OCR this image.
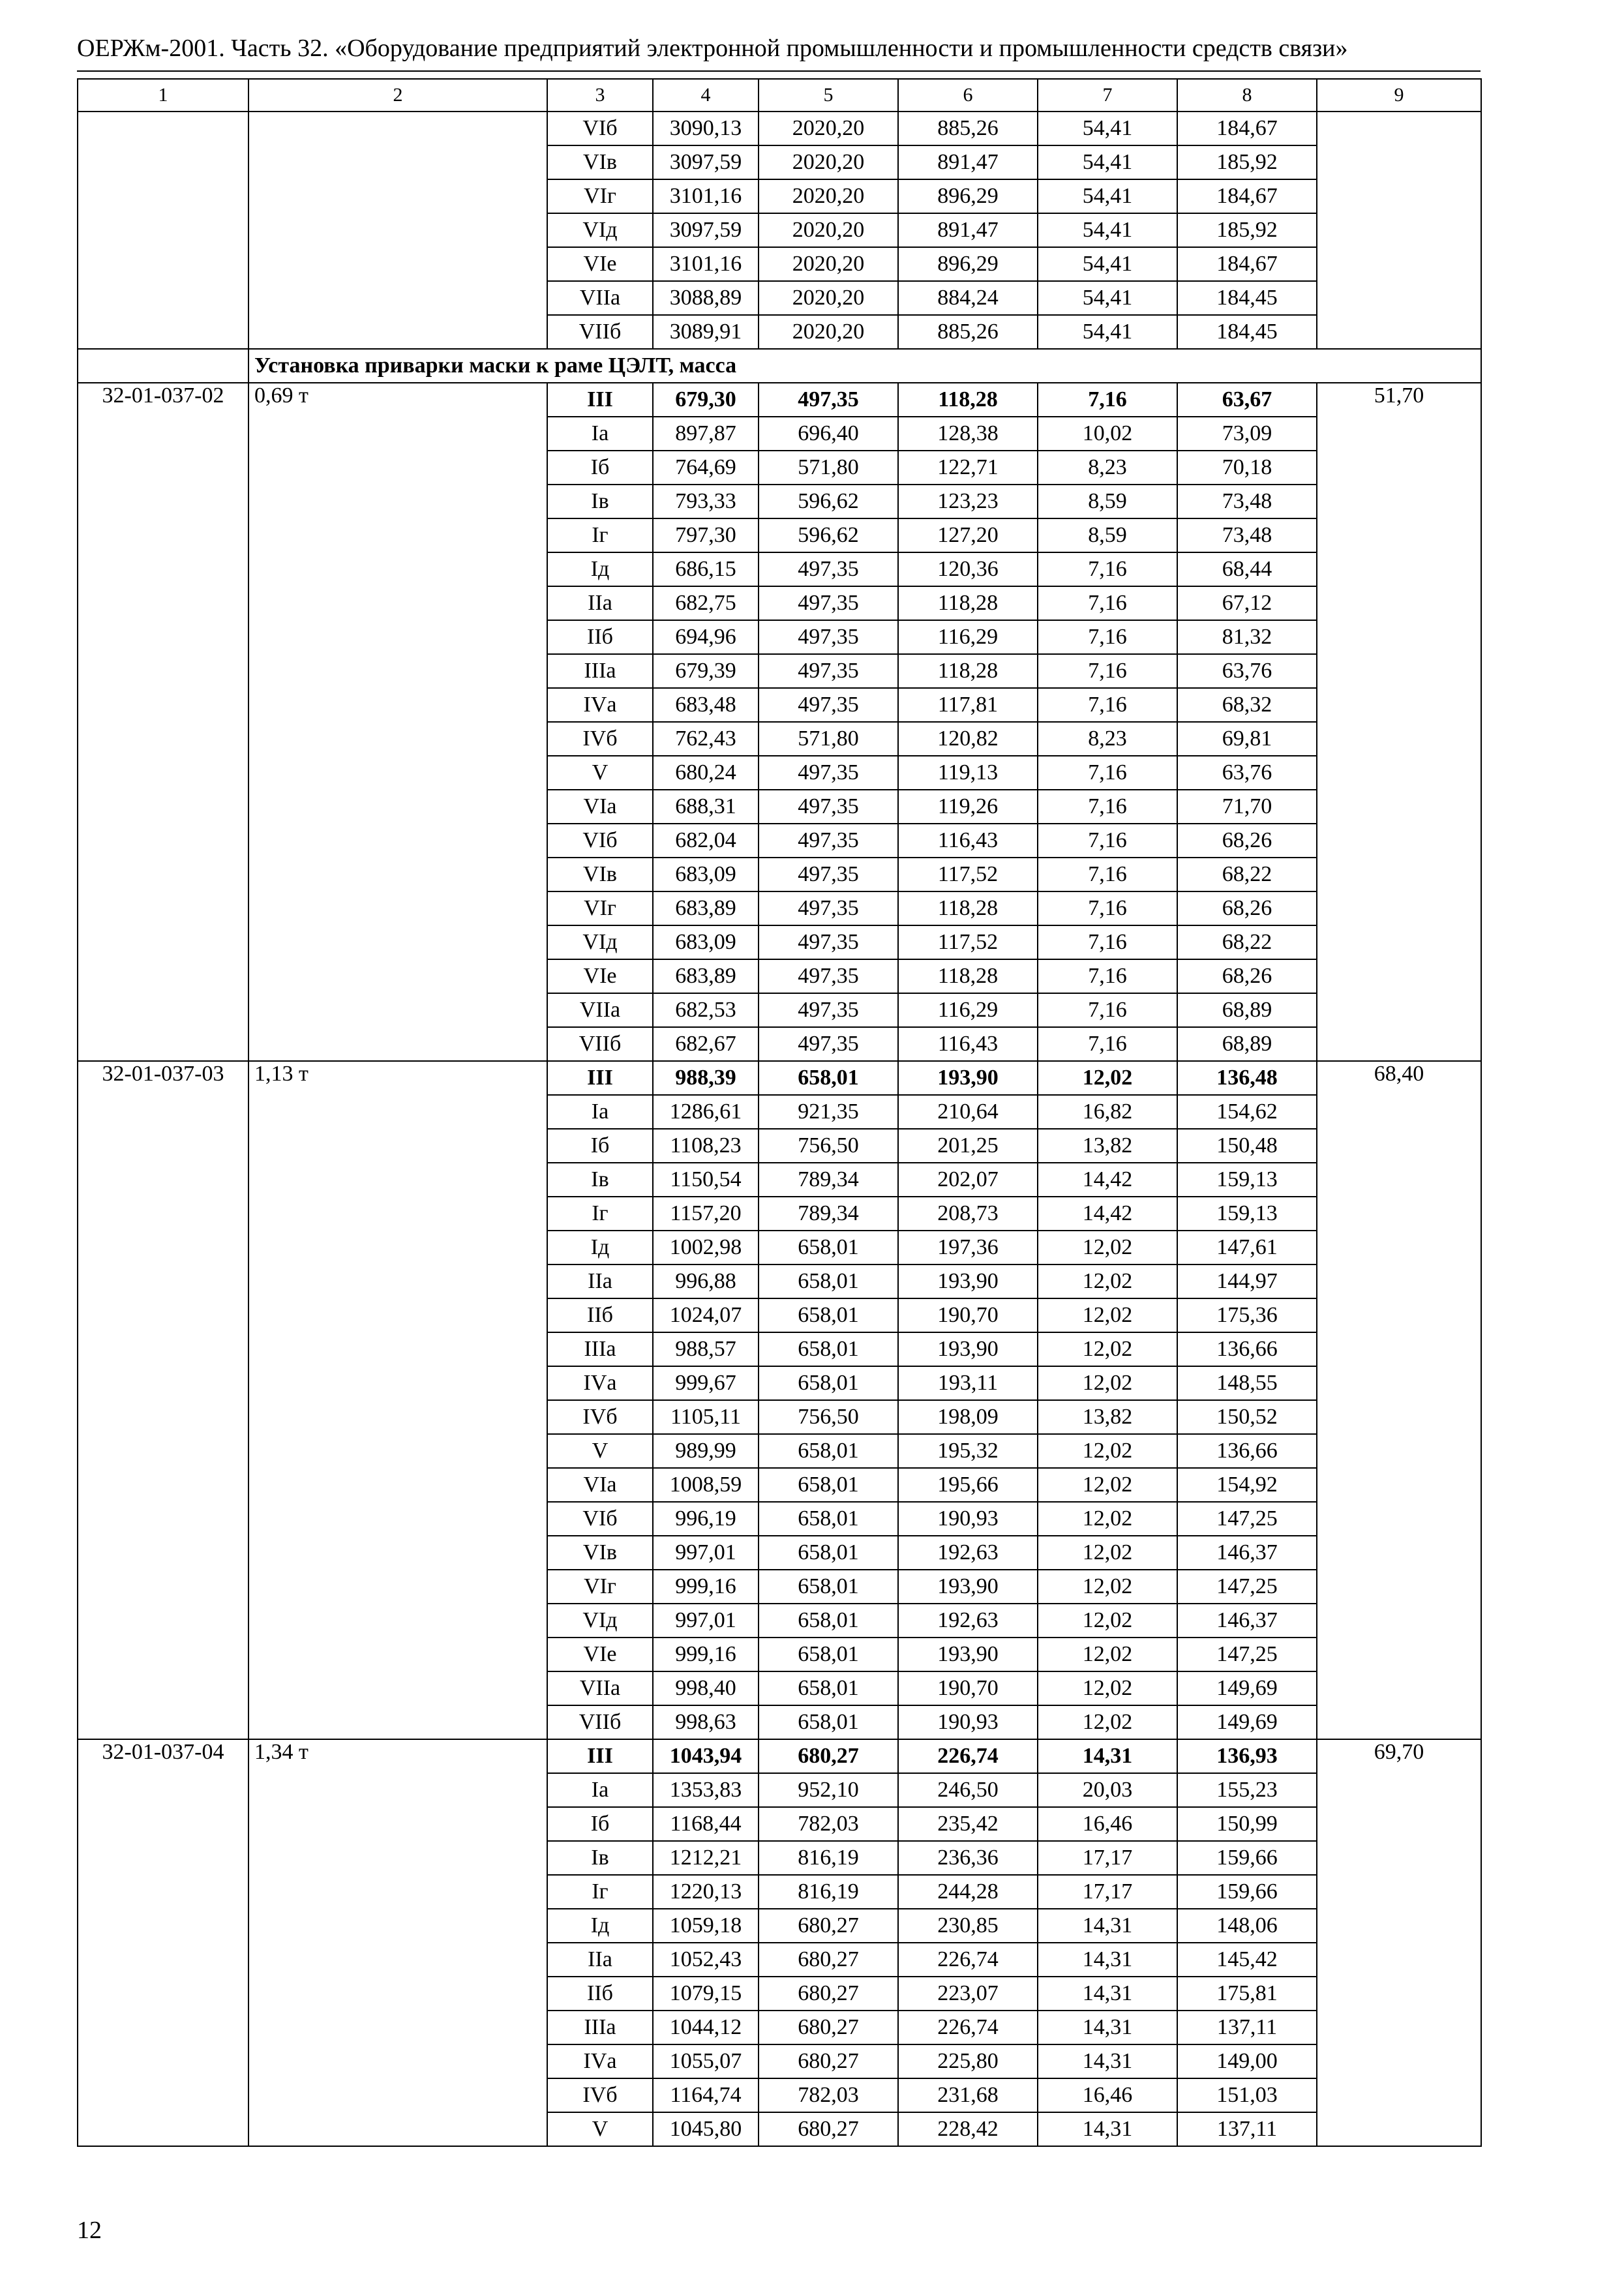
ОЕРЖм-2001. Часть 32. «Оборудование предприятий электронной промышленности и промышленности средств связи»
1	2	3	4	5	6	7	8	9
		VIб	3090,13	2020,20	885,26	54,41	184,67	
		VIв	3097,59	2020,20	891,47	54,41	185,92	
		VIг	3101,16	2020,20	896,29	54,41	184,67	
		VIд	3097,59	2020,20	891,47	54,41	185,92	
		VIе	3101,16	2020,20	896,29	54,41	184,67	
		VIIа	3088,89	2020,20	884,24	54,41	184,45	
		VIIб	3089,91	2020,20	885,26	54,41	184,45	
	Установка приварки маски к раме ЦЭЛТ, масса							
32-01-037-02	0,69 т	III	679,30	497,35	118,28	7,16	63,67	51,70
		Iа	897,87	696,40	128,38	10,02	73,09	
		Iб	764,69	571,80	122,71	8,23	70,18	
		Iв	793,33	596,62	123,23	8,59	73,48	
		Iг	797,30	596,62	127,20	8,59	73,48	
		Iд	686,15	497,35	120,36	7,16	68,44	
		IIа	682,75	497,35	118,28	7,16	67,12	
		IIб	694,96	497,35	116,29	7,16	81,32	
		IIIа	679,39	497,35	118,28	7,16	63,76	
		IVа	683,48	497,35	117,81	7,16	68,32	
		IVб	762,43	571,80	120,82	8,23	69,81	
		V	680,24	497,35	119,13	7,16	63,76	
		VIа	688,31	497,35	119,26	7,16	71,70	
		VIб	682,04	497,35	116,43	7,16	68,26	
		VIв	683,09	497,35	117,52	7,16	68,22	
		VIг	683,89	497,35	118,28	7,16	68,26	
		VIд	683,09	497,35	117,52	7,16	68,22	
		VIе	683,89	497,35	118,28	7,16	68,26	
		VIIа	682,53	497,35	116,29	7,16	68,89	
		VIIб	682,67	497,35	116,43	7,16	68,89	
32-01-037-03	1,13 т	III	988,39	658,01	193,90	12,02	136,48	68,40
		Iа	1286,61	921,35	210,64	16,82	154,62	
		Iб	1108,23	756,50	201,25	13,82	150,48	
		Iв	1150,54	789,34	202,07	14,42	159,13	
		Iг	1157,20	789,34	208,73	14,42	159,13	
		Iд	1002,98	658,01	197,36	12,02	147,61	
		IIа	996,88	658,01	193,90	12,02	144,97	
		IIб	1024,07	658,01	190,70	12,02	175,36	
		IIIа	988,57	658,01	193,90	12,02	136,66	
		IVа	999,67	658,01	193,11	12,02	148,55	
		IVб	1105,11	756,50	198,09	13,82	150,52	
		V	989,99	658,01	195,32	12,02	136,66	
		VIа	1008,59	658,01	195,66	12,02	154,92	
		VIб	996,19	658,01	190,93	12,02	147,25	
		VIв	997,01	658,01	192,63	12,02	146,37	
		VIг	999,16	658,01	193,90	12,02	147,25	
		VIд	997,01	658,01	192,63	12,02	146,37	
		VIе	999,16	658,01	193,90	12,02	147,25	
		VIIа	998,40	658,01	190,70	12,02	149,69	
		VIIб	998,63	658,01	190,93	12,02	149,69	
32-01-037-04	1,34 т	III	1043,94	680,27	226,74	14,31	136,93	69,70
		Iа	1353,83	952,10	246,50	20,03	155,23	
		Iб	1168,44	782,03	235,42	16,46	150,99	
		Iв	1212,21	816,19	236,36	17,17	159,66	
		Iг	1220,13	816,19	244,28	17,17	159,66	
		Iд	1059,18	680,27	230,85	14,31	148,06	
		IIа	1052,43	680,27	226,74	14,31	145,42	
		IIб	1079,15	680,27	223,07	14,31	175,81	
		IIIа	1044,12	680,27	226,74	14,31	137,11	
		IVа	1055,07	680,27	225,80	14,31	149,00	
		IVб	1164,74	782,03	231,68	16,46	151,03	
		V	1045,80	680,27	228,42	14,31	137,11	
12
